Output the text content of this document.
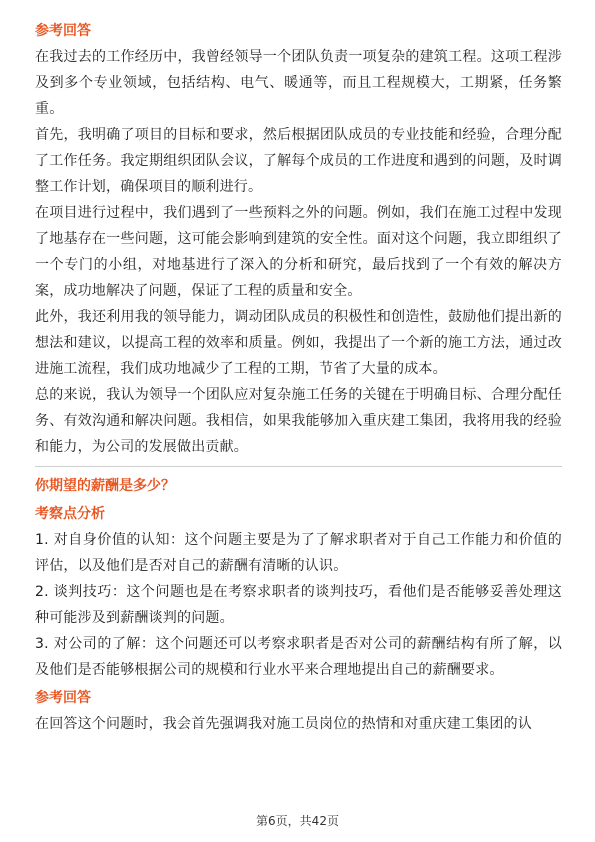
参考回答

在我过去的工作经历中，我曾经领导一个团队负责一项复杂的建筑工程。这项工程涉及到多个专业领域，包括结构、电气、暖通等，而且工程规模大，工期紧，任务繁重。

首先，我明确了项目的目标和要求，然后根据团队成员的专业技能和经验，合理分配了工作任务。我定期组织团队会议，了解每个成员的工作进度和遇到的问题，及时调整工作计划，确保项目的顺利进行。

在项目进行过程中，我们遇到了一些预料之外的问题。例如，我们在施工过程中发现了地基存在一些问题，这可能会影响到建筑的安全性。面对这个问题，我立即组织了一个专门的小组，对地基进行了深入的分析和研究，最后找到了一个有效的解决方案，成功地解决了问题，保证了工程的质量和安全。

此外，我还利用我的领导能力，调动团队成员的积极性和创造性，鼓励他们提出新的想法和建议，以提高工程的效率和质量。例如，我提出了一个新的施工方法，通过改进施工流程，我们成功地减少了工程的工期，节省了大量的成本。

总的来说，我认为领导一个团队应对复杂施工任务的关键在于明确目标、合理分配任务、有效沟通和解决问题。我相信，如果我能够加入重庆建工集团，我将用我的经验和能力，为公司的发展做出贡献。

你期望的薪酬是多少？
考察点分析

1. 对自身价值的认知：这个问题主要是为了了解求职者对于自己工作能力和价值的评估，以及他们是否对自己的薪酬有清晰的认识。

2. 谈判技巧：这个问题也是在考察求职者的谈判技巧，看他们是否能够妥善处理这种可能涉及到薪酬谈判的问题。

3. 对公司的了解：这个问题还可以考察求职者是否对公司的薪酬结构有所了解，以及他们是否能够根据公司的规模和行业水平来合理地提出自己的薪酬要求。

参考回答

在回答这个问题时，我会首先强调我对施工员岗位的热情和对重庆建工集团的认

第6页，共42页
